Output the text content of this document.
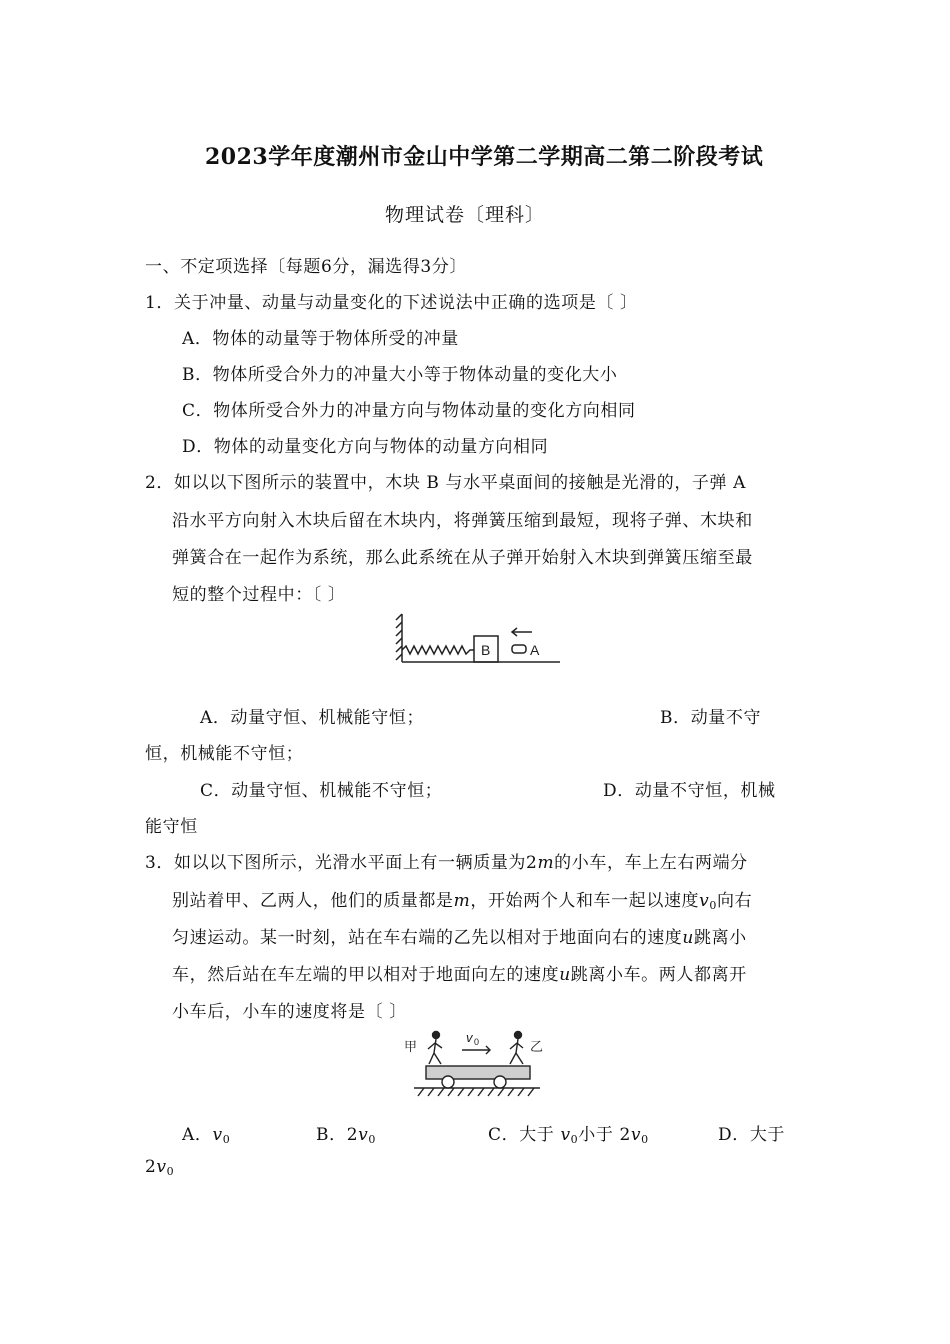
2023学年度潮州市金山中学第二学期高二第二阶段考试
物理试卷〔理科〕
一、不定项选择〔每题6分，漏选得3分〕
1．关于冲量、动量与动量变化的下述说法中正确的选项是〔 〕
A．物体的动量等于物体所受的冲量
B．物体所受合外力的冲量大小等于物体动量的变化大小
C．物体所受合外力的冲量方向与物体动量的变化方向相同
D．物体的动量变化方向与物体的动量方向相同
2．如以以下图所示的装置中，木块 B 与水平桌面间的接触是光滑的，子弹 A
沿水平方向射入木块后留在木块内，将弹簧压缩到最短，现将子弹、木块和
弹簧合在一起作为系统，那么此系统在从子弹开始射入木块到弹簧压缩至最
短的整个过程中：〔 〕
B	A
A．动量守恒、机械能守恒；	B．动量不守
恒，机械能不守恒；
C．动量守恒、机械能不守恒；	D．动量不守恒，机械
能守恒
3．如以以下图所示，光滑水平面上有一辆质量为2m的小车，车上左右两端分
别站着甲、乙两人，他们的质量都是m，开始两个人和车一起以速度$v_0$向右
匀速运动。某一时刻，站在车右端的乙先以相对于地面向右的速度u跳离小
车，然后站在车左端的甲以相对于地面向左的速度u跳离小车。两人都离开
小车后，小车的速度将是〔 〕
甲	乙
v 0
A．$v_0$	B．$2v_0$	C．大于 $v_0$小于 $2v_0$	D．大于
$2v_0$
